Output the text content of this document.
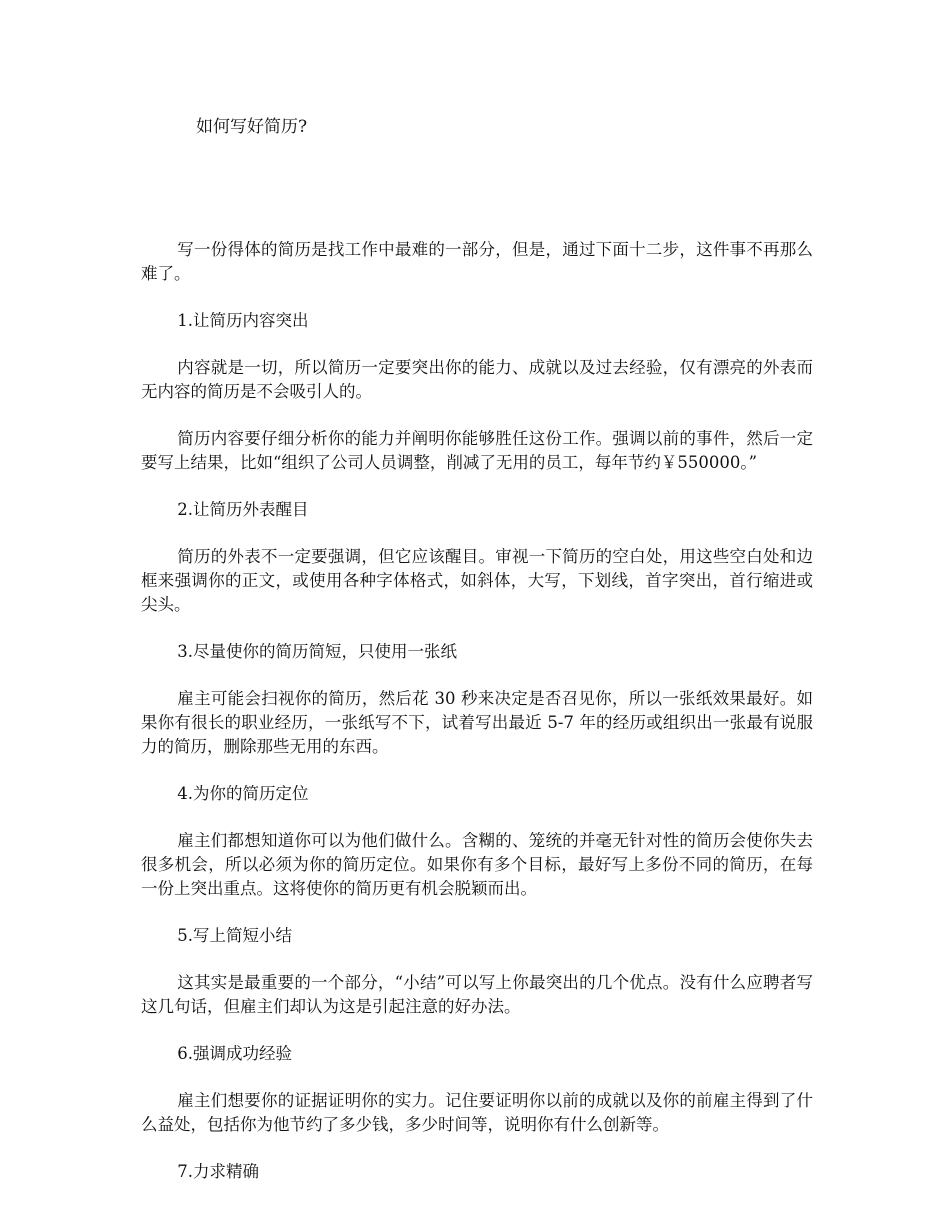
如何写好简历?

写一份得体的简历是找工作中最难的一部分，但是，通过下面十二步，这件事不再那么难了。

1.让简历内容突出

内容就是一切，所以简历一定要突出你的能力、成就以及过去经验，仅有漂亮的外表而无内容的简历是不会吸引人的。

简历内容要仔细分析你的能力并阐明你能够胜任这份工作。强调以前的事件，然后一定要写上结果，比如“组织了公司人员调整，削减了无用的员工，每年节约￥550000。”

2.让简历外表醒目

简历的外表不一定要强调，但它应该醒目。审视一下简历的空白处，用这些空白处和边框来强调你的正文，或使用各种字体格式，如斜体，大写，下划线，首字突出，首行缩进或尖头。

3.尽量使你的简历简短，只使用一张纸

雇主可能会扫视你的简历，然后花 30 秒来决定是否召见你，所以一张纸效果最好。如果你有很长的职业经历，一张纸写不下，试着写出最近 5-7 年的经历或组织出一张最有说服力的简历，删除那些无用的东西。

4.为你的简历定位

雇主们都想知道你可以为他们做什么。含糊的、笼统的并毫无针对性的简历会使你失去很多机会，所以必须为你的简历定位。如果你有多个目标，最好写上多份不同的简历，在每一份上突出重点。这将使你的简历更有机会脱颖而出。

5.写上简短小结

这其实是最重要的一个部分，“小结”可以写上你最突出的几个优点。没有什么应聘者写这几句话，但雇主们却认为这是引起注意的好办法。

6.强调成功经验

雇主们想要你的证据证明你的实力。记住要证明你以前的成就以及你的前雇主得到了什么益处，包括你为他节约了多少钱，多少时间等，说明你有什么创新等。

7.力求精确
